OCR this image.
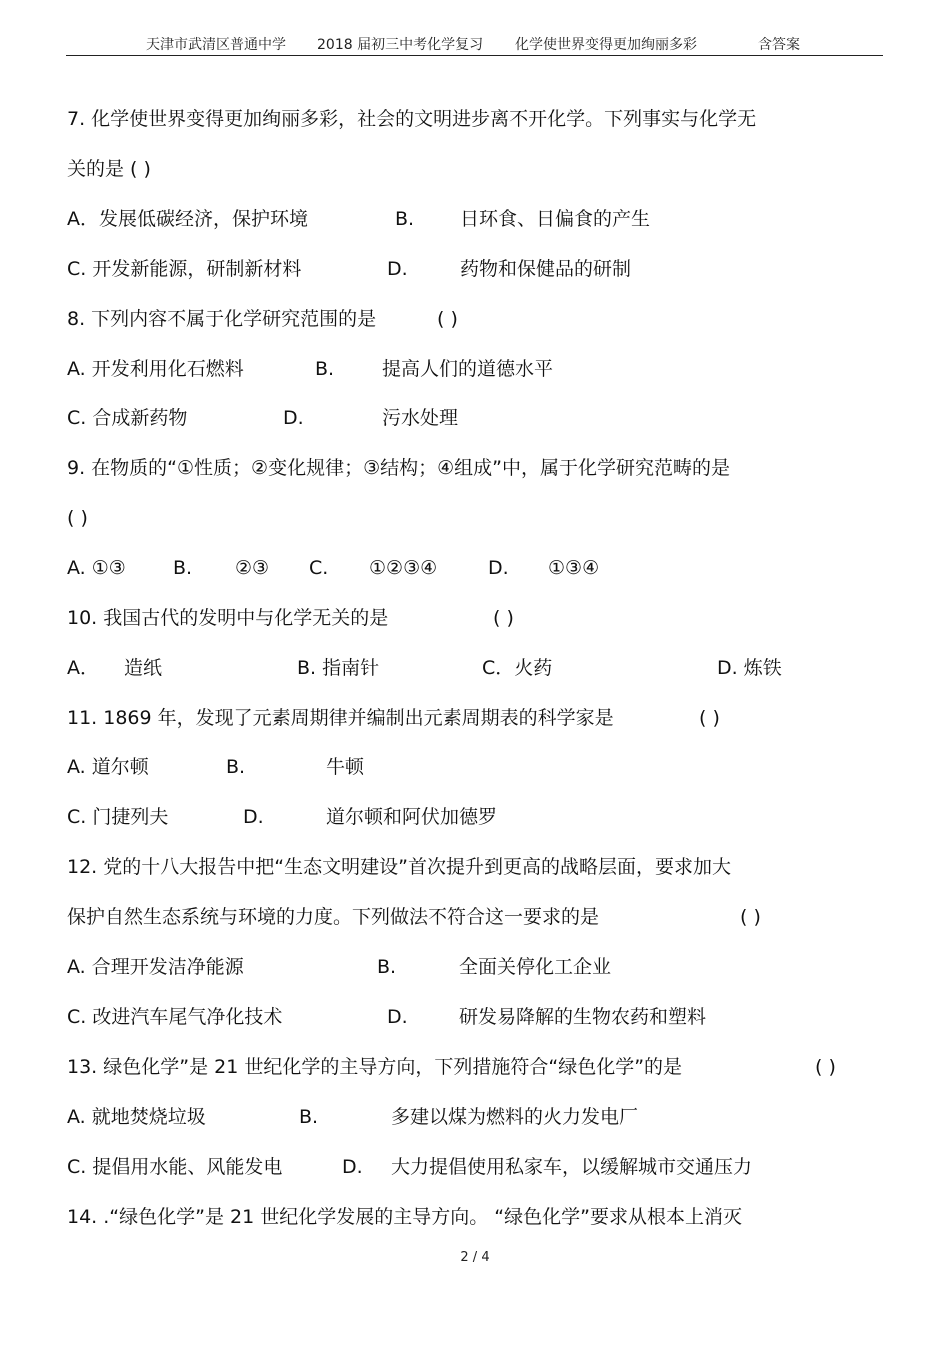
天津市武清区普通中学 2018 届初三中考化学复习 化学使世界变得更加绚丽多彩	含答案
7. 化学使世界变得更加绚丽多彩，社会的文明进步离不开化学。下列事实与化学无
关的是 ( )
A．发展低碳经济，保护环境	B. 日环食、日偏食的产生
C. 开发新能源，研制新材料	D.	药物和保健品的研制
8. 下列内容不属于化学研究范围的是	( )
A. 开发利用化石燃料	B.	提高人们的道德水平
C. 合成新药物	D.	污水处理
9. 在物质的“①性质；②变化规律；③结构；④组成”中，属于化学研究范畴的是
( )
A. ①③ B. ②③ C. ①②③④	D. ①③④
10. 我国古代的发明中与化学无关的是	( )
A． 造纸	B. 指南针	C．火药	D. 炼铁
11. 1869 年，发现了元素周期律并编制出元素周期表的科学家是	( )
A. 道尔顿	B.	牛顿
C. 门捷列夫	D.	道尔顿和阿伏加德罗
12. 党的十八大报告中把“生态文明建设”首次提升到更高的战略层面，要求加大
保护自然生态系统与环境的力度。下列做法不符合这一要求的是	( )
A. 合理开发洁净能源	B.	全面关停化工企业
C. 改进汽车尾气净化技术	D.	研发易降解的生物农药和塑料
13. 绿色化学”是 21 世纪化学的主导方向，下列措施符合“绿色化学”的是	( )
A. 就地焚烧垃圾	B.	多建以煤为燃料的火力发电厂
C. 提倡用水能、风能发电	D. 大力提倡使用私家车，以缓解城市交通压力
14. .“绿色化学”是 21 世纪化学发展的主导方向。 “绿色化学”要求从根本上消灭
2 / 4
